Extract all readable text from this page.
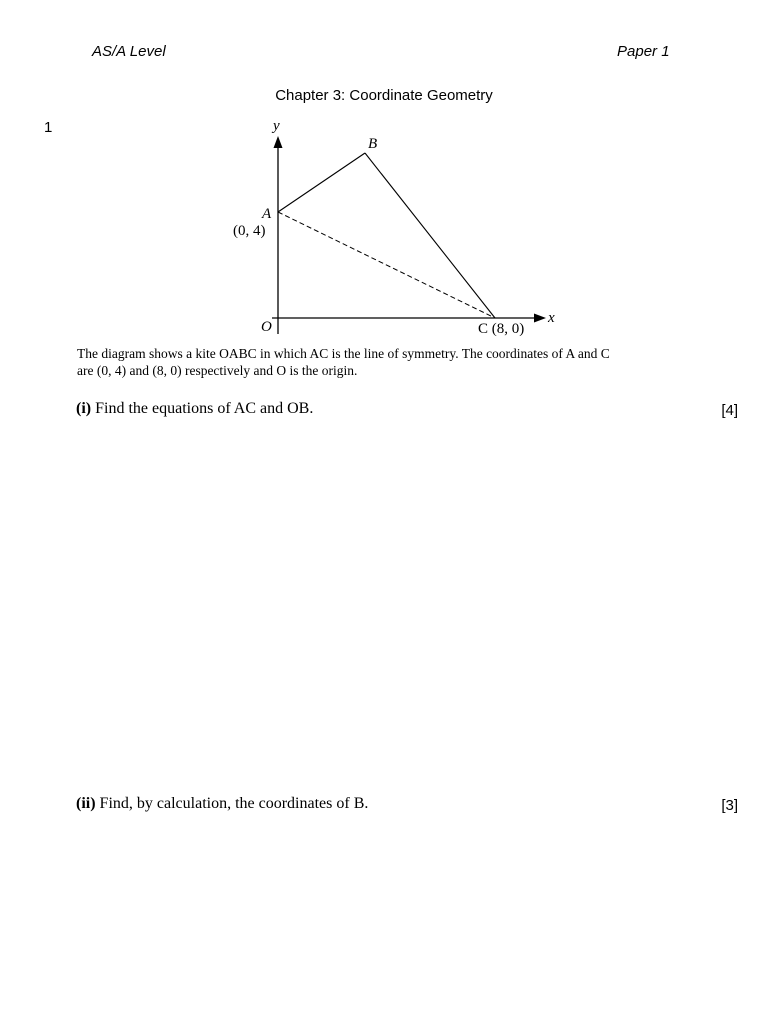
AS/A Level	Paper 1
Chapter 3: Coordinate Geometry
1	y
x
O
A
(0, 4)
B
C (8, 0)
The diagram shows a kite OABC in which AC is the line of symmetry. The coordinates of A and C
are (0, 4) and (8, 0) respectively and O is the origin.
(i) Find the equations of AC and OB.	[4]
(ii) Find, by calculation, the coordinates of B.	[3]
